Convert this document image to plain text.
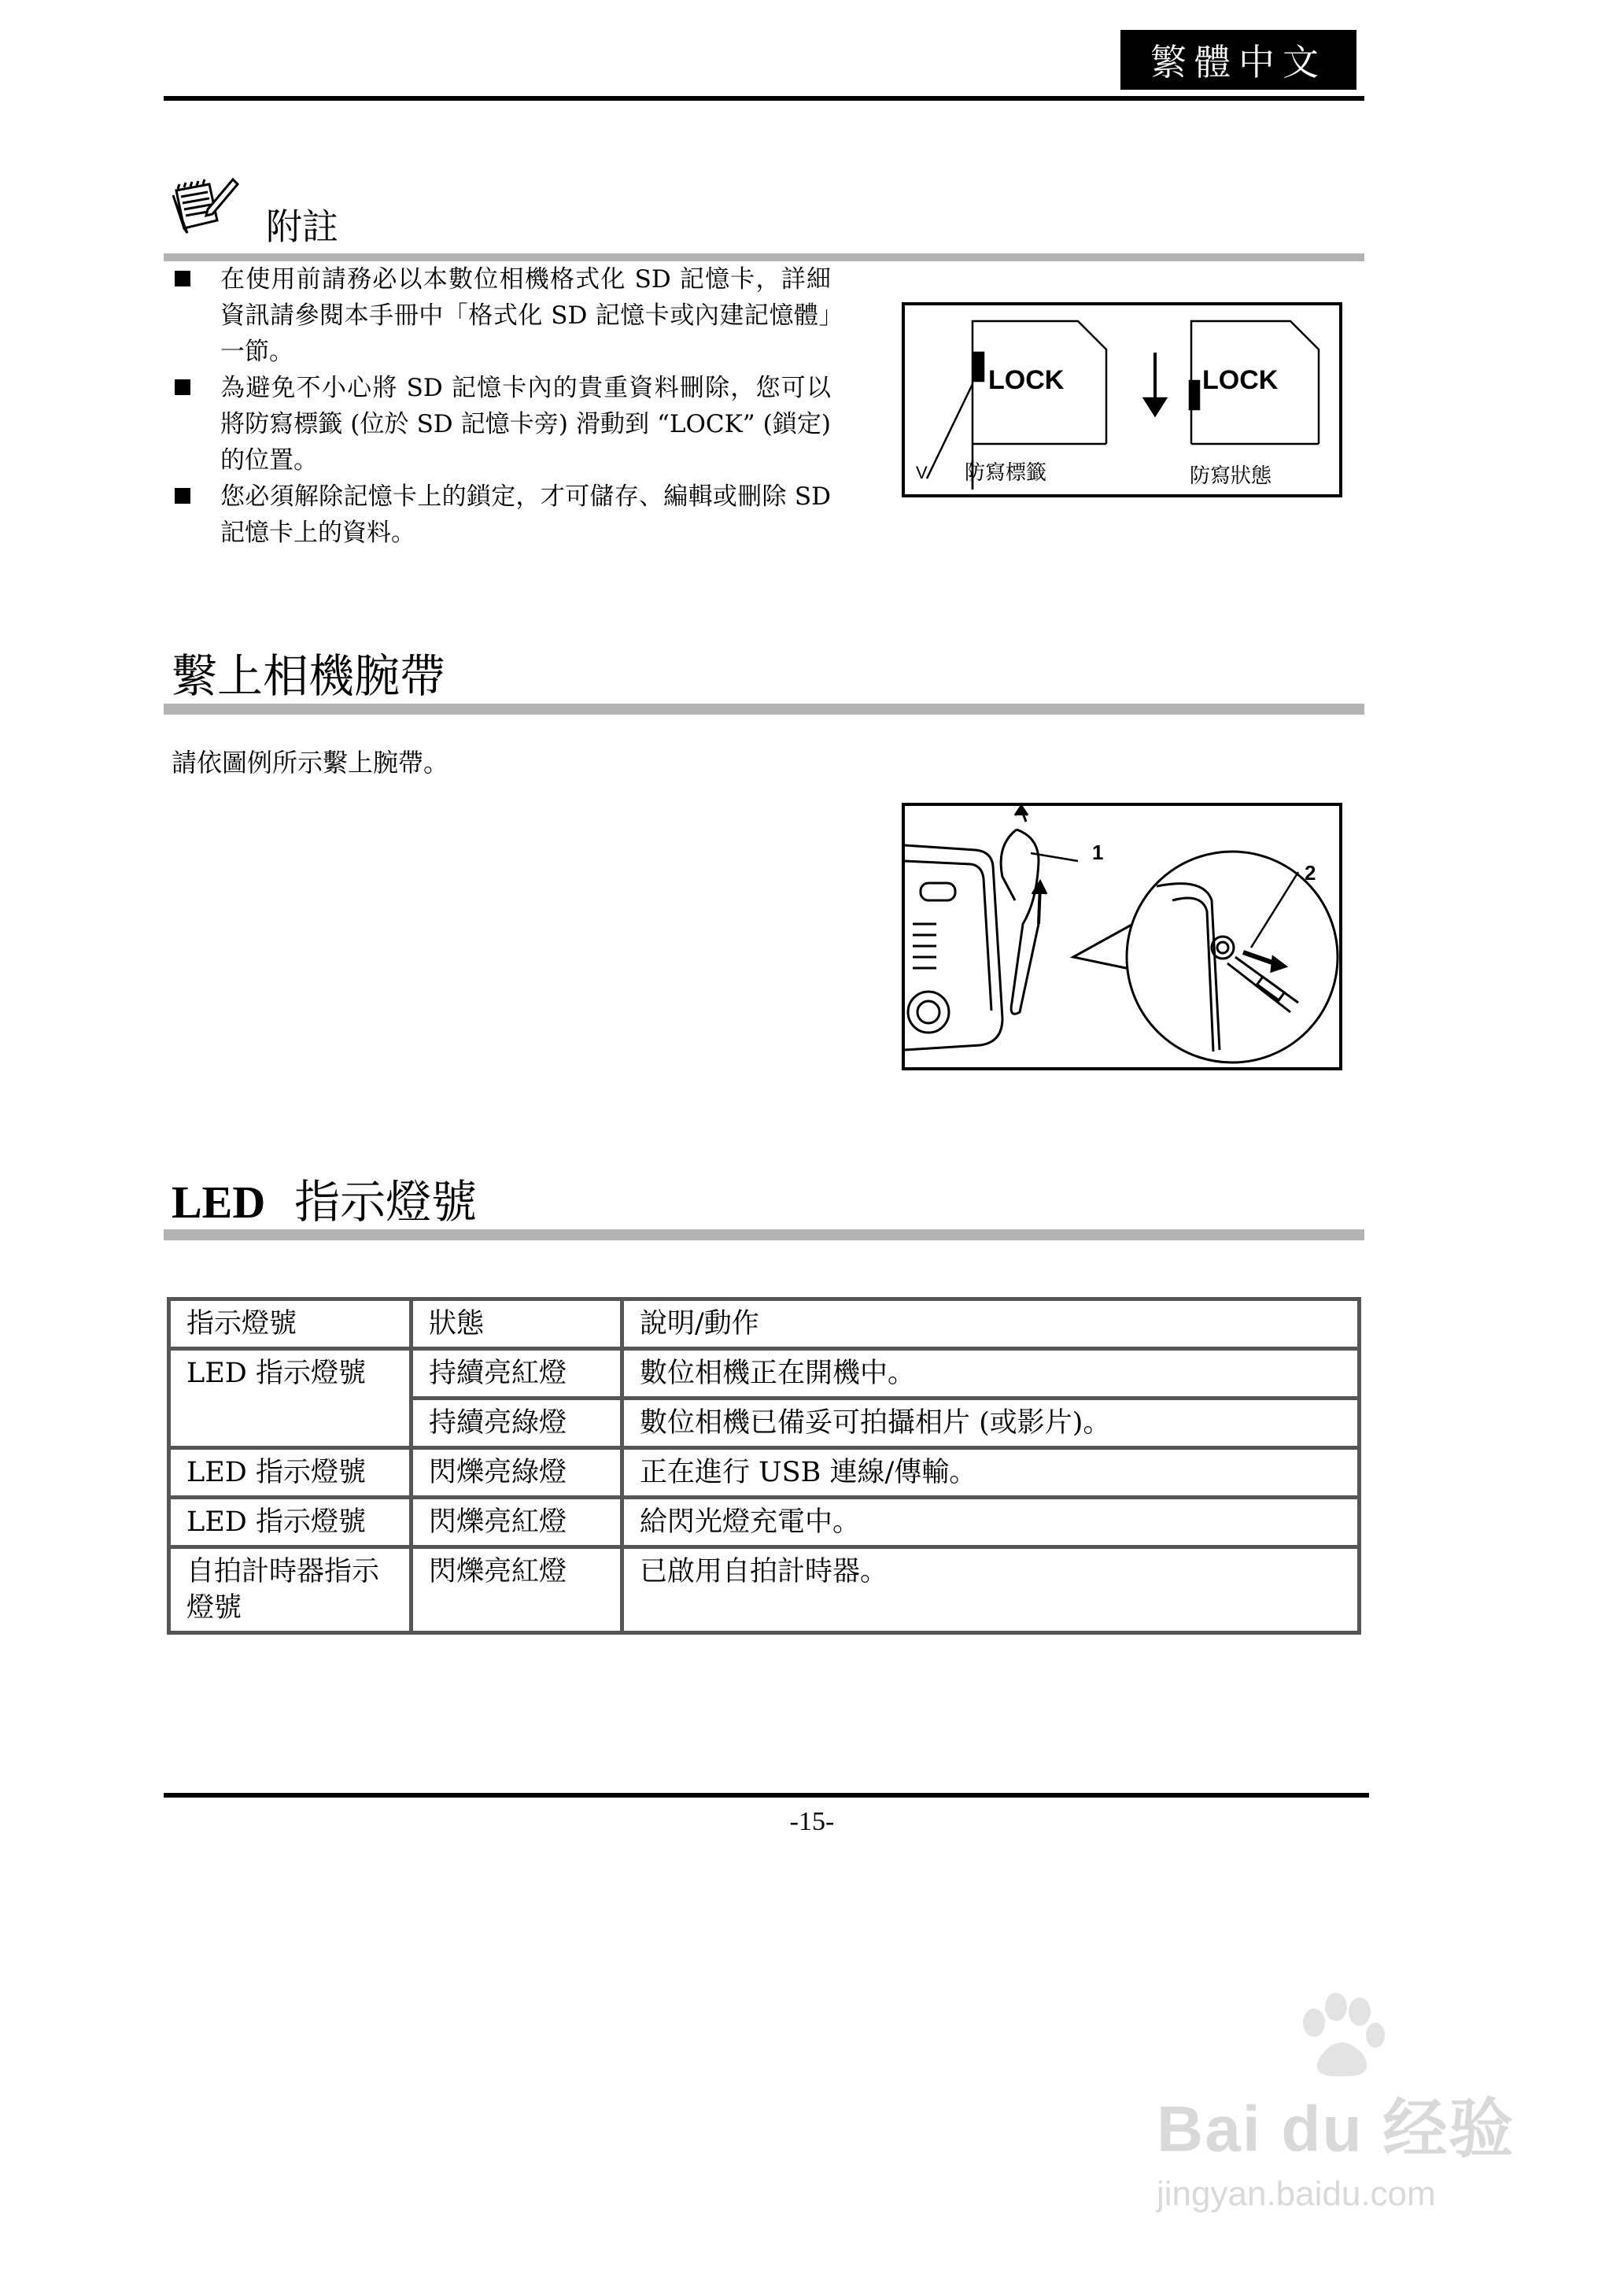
繁體中文
附註
在使用前請務必以本數位相機格式化 SD 記憶卡，詳細資訊請參閱本手冊中「格式化 SD 記憶卡或內建記憶體」一節。
為避免不小心將 SD 記憶卡內的貴重資料刪除，您可以將防寫標籤 (位於 SD 記憶卡旁) 滑動到 “LOCK” (鎖定) 的位置。
您必須解除記憶卡上的鎖定，才可儲存、編輯或刪除 SD 記憶卡上的資料。
LOCK	LOCK
V 防寫標籤	防寫狀態
繫上相機腕帶
請依圖例所示繫上腕帶。
1
2
LED 指示燈號
指示燈號	狀態	說明/動作
LED 指示燈號	持續亮紅燈	數位相機正在開機中。
	持續亮綠燈	數位相機已備妥可拍攝相片 (或影片)。
LED 指示燈號	閃爍亮綠燈	正在進行 USB 連線/傳輸。
LED 指示燈號	閃爍亮紅燈	給閃光燈充電中。
自拍計時器指示燈號	閃爍亮紅燈	已啟用自拍計時器。
-15-
Bai du 经验
jingyan.baidu.com
